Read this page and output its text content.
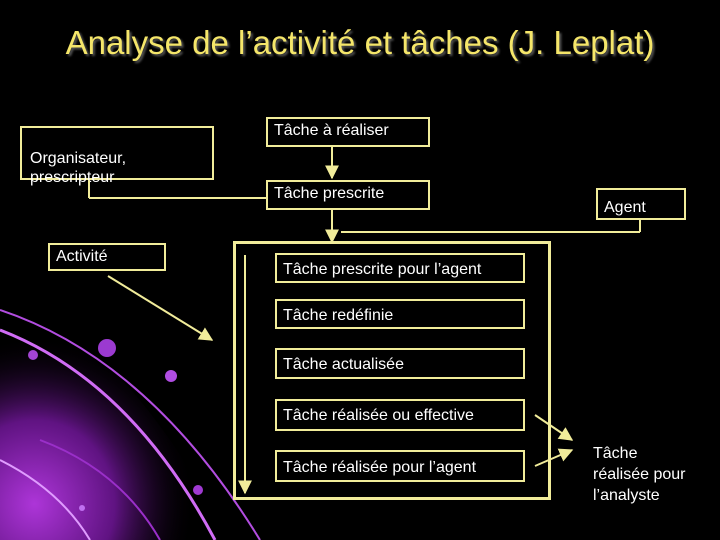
Analyse de l’activité et tâches (J. Leplat)

Organisateur,
prescripteur

Activité
Tâche à réaliser
Tâche prescrite
Agent
Tâche prescrite pour l’agent
Tâche redéfinie
Tâche actualisée
Tâche réalisée ou effective
Tâche réalisée pour l’agent

Tâche
réalisée pour
l’analyste
